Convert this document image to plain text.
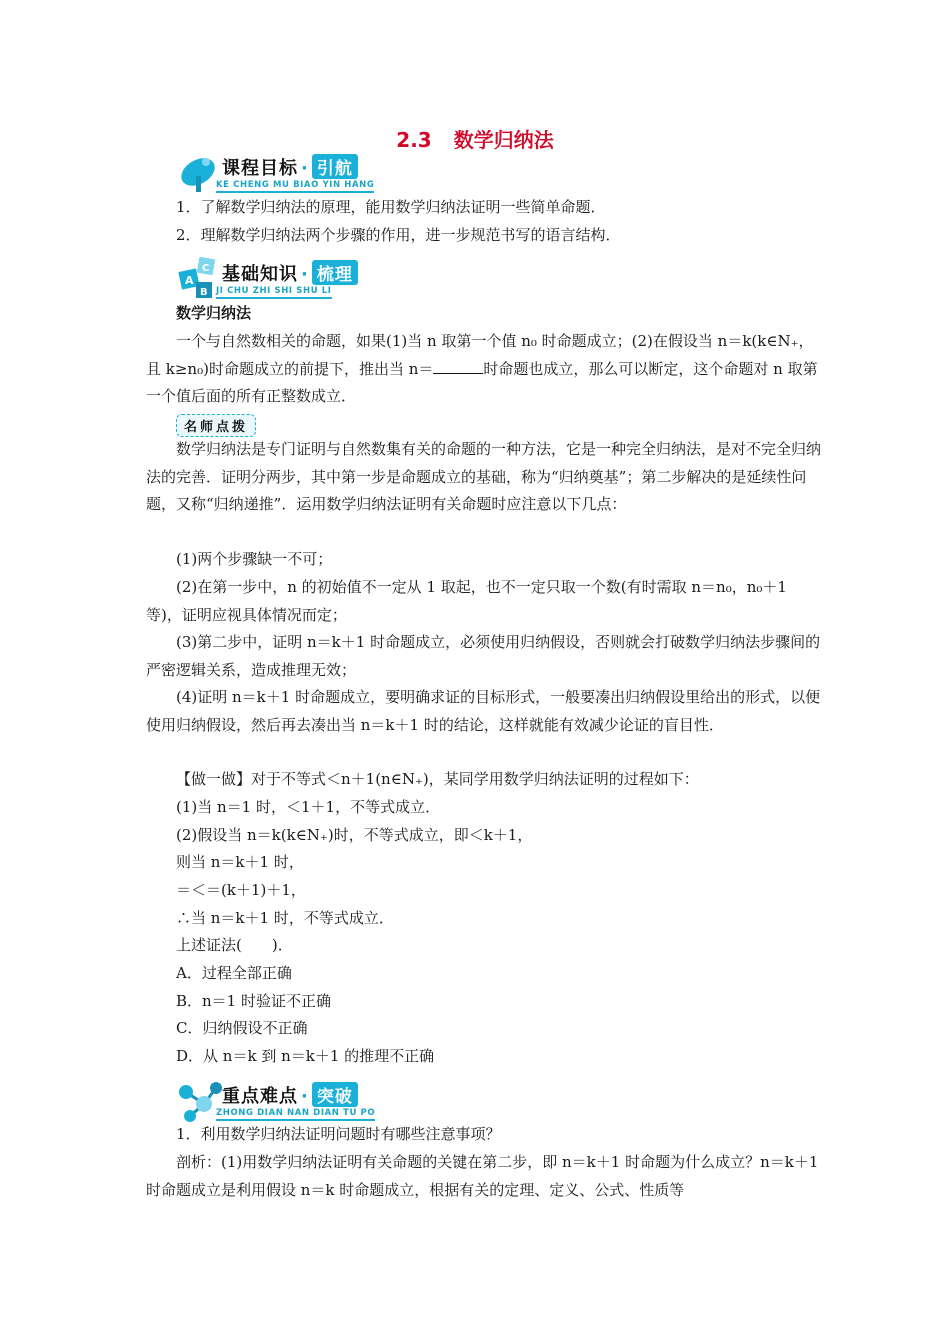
2.3 数学归纳法
课程目标 · 引航
KE CHENG MU BIAO YIN HANG

1．了解数学归纳法的原理，能用数学归纳法证明一些简单命题．

2．理解数学归纳法两个步骤的作用，进一步规范书写的语言结构．

A
C
B
基础知识 · 梳理
JI CHU ZHI SHI SHU LI

数学归纳法

一个与自然数相关的命题，如果(1)当 n 取第一个值 n₀ 时命题成立；(2)在假设当 n＝k(k∈N₊，且 k≥n₀)时命题成立的前提下，推出当 n＝	时命题也成立，那么可以断定，这个命题对 n 取第一个值后面的所有正整数成立．

名师点拨

数学归纳法是专门证明与自然数集有关的命题的一种方法，它是一种完全归纳法，是对不完全归纳法的完善．证明分两步，其中第一步是命题成立的基础，称为“归纳奠基”；第二步解决的是延续性问题，又称“归纳递推”．运用数学归纳法证明有关命题时应注意以下几点：

(1)两个步骤缺一不可；

(2)在第一步中，n 的初始值不一定从 1 取起，也不一定只取一个数(有时需取 n＝n₀，n₀＋1 等)，证明应视具体情况而定；

(3)第二步中，证明 n＝k＋1 时命题成立，必须使用归纳假设，否则就会打破数学归纳法步骤间的严密逻辑关系，造成推理无效；

(4)证明 n＝k＋1 时命题成立，要明确求证的目标形式，一般要凑出归纳假设里给出的形式，以便使用归纳假设，然后再去凑出当 n＝k＋1 时的结论，这样就能有效减少论证的盲目性．

【做一做】对于不等式＜n＋1(n∈N₊)，某同学用数学归纳法证明的过程如下：

(1)当 n＝1 时，＜1＋1，不等式成立．

(2)假设当 n＝k(k∈N₊)时，不等式成立，即＜k＋1，

则当 n＝k＋1 时，

＝＜＝(k＋1)＋1，

∴当 n＝k＋1 时，不等式成立．

上述证法(　　)．

A．过程全部正确

B．n＝1 时验证不正确

C．归纳假设不正确

D．从 n＝k 到 n＝k＋1 的推理不正确

重点难点 · 突破
ZHONG DIAN NAN DIAN TU PO

1．利用数学归纳法证明问题时有哪些注意事项？

剖析：(1)用数学归纳法证明有关命题的关键在第二步，即 n＝k＋1 时命题为什么成立？n＝k＋1 时命题成立是利用假设 n＝k 时命题成立，根据有关的定理、定义、公式、性质等
